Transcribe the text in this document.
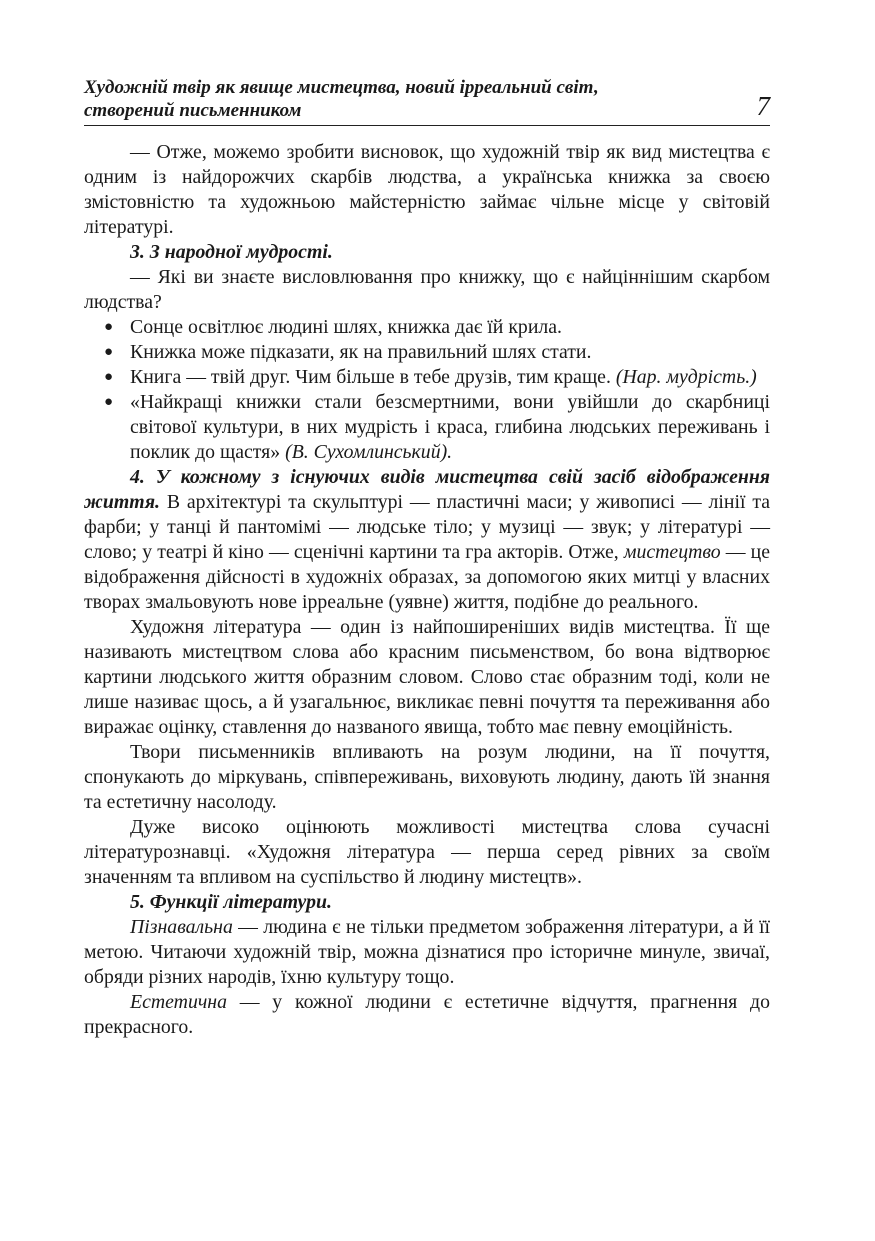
Художній твір як явище мистецтва, новий ірреальний світ,
створений письменником	7

— Отже, можемо зробити висновок, що художній твір як вид мистецтва є одним із найдорожчих скарбів людства, а українська книжка за своєю змістовністю та художньою майстерністю займає чільне місце у світовій літературі.

3. З народної мудрості.

— Які ви знаєте висловлювання про книжку, що є найціннішим скарбом людства?

● Сонце освітлює людині шлях, книжка дає їй крила.
● Книжка може підказати, як на правильний шлях стати.
● Книга — твій друг. Чим більше в тебе друзів, тим краще. (Нар. мудрість.)
● «Найкращі книжки стали безсмертними, вони увійшли до скарбниці світової культури, в них мудрість і краса, глибина людських переживань і поклик до щастя» (В. Сухомлинський).

4. У кожному з існуючих видів мистецтва свій засіб відображення життя. В архітектурі та скульптурі — пластичні маси; у живописі — лінії та фарби; у танці й пантомімі — людське тіло; у музиці — звук; у літературі — слово; у театрі й кіно — сценічні картини та гра акторів. Отже, мистецтво — це відображення дійсності в художніх образах, за допомогою яких митці у власних творах змальовують нове ірреальне (уявне) життя, подібне до реального.

Художня література — один із найпоширеніших видів мистецтва. Її ще називають мистецтвом слова або красним письменством, бо вона відтворює картини людського життя образним словом. Слово стає образним тоді, коли не лише називає щось, а й узагальнює, викликає певні почуття та переживання або виражає оцінку, ставлення до названого явища, тобто має певну емоційність.

Твори письменників впливають на розум людини, на її почуття, спонукають до міркувань, співпереживань, виховують людину, дають їй знання та естетичну насолоду.

Дуже високо оцінюють можливості мистецтва слова сучасні літературознавці. «Художня література — перша серед рівних за своїм значенням та впливом на суспільство й людину мистецтв».

5. Функції літератури.

Пізнавальна — людина є не тільки предметом зображення літератури, а й її метою. Читаючи художній твір, можна дізнатися про історичне минуле, звичаї, обряди різних народів, їхню культуру тощо.

Естетична — у кожної людини є естетичне відчуття, прагнення до прекрасного.
